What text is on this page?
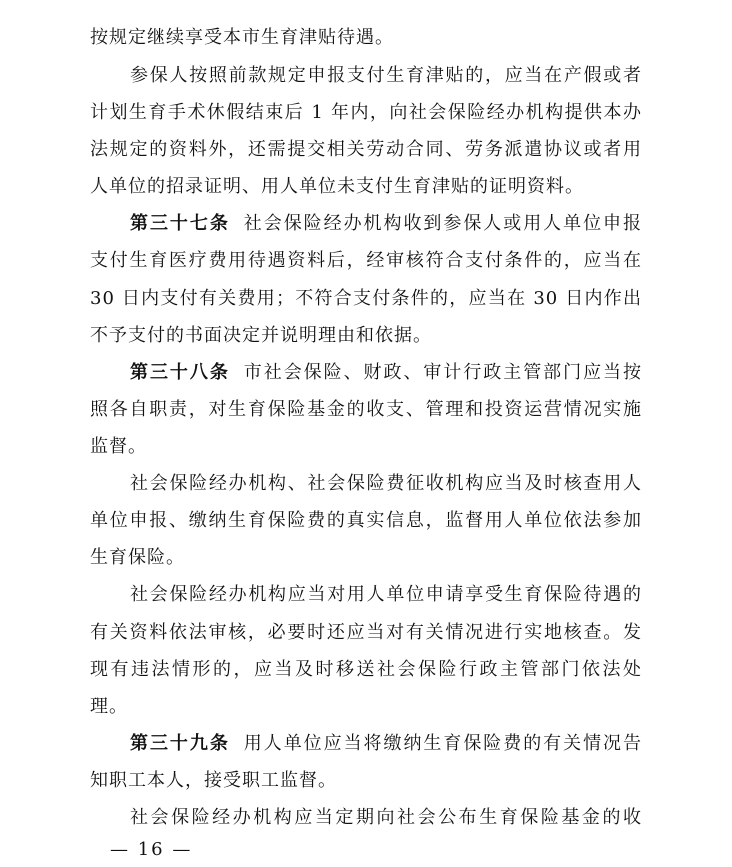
按规定继续享受本市生育津贴待遇。
参保人按照前款规定申报支付生育津贴的，应当在产假或者
计划生育手术休假结束后 1 年内，向社会保险经办机构提供本办
法规定的资料外，还需提交相关劳动合同、劳务派遣协议或者用
人单位的招录证明、用人单位未支付生育津贴的证明资料。
第三十七条 社会保险经办机构收到参保人或用人单位申报
支付生育医疗费用待遇资料后，经审核符合支付条件的，应当在
30 日内支付有关费用；不符合支付条件的，应当在 30 日内作出
不予支付的书面决定并说明理由和依据。
第三十八条 市社会保险、财政、审计行政主管部门应当按
照各自职责，对生育保险基金的收支、管理和投资运营情况实施
监督。
社会保险经办机构、社会保险费征收机构应当及时核查用人
单位申报、缴纳生育保险费的真实信息，监督用人单位依法参加
生育保险。
社会保险经办机构应当对用人单位申请享受生育保险待遇的
有关资料依法审核，必要时还应当对有关情况进行实地核查。发
现有违法情形的，应当及时移送社会保险行政主管部门依法处
理。
第三十九条 用人单位应当将缴纳生育保险费的有关情况告
知职工本人，接受职工监督。
社会保险经办机构应当定期向社会公布生育保险基金的收
— 16 —
